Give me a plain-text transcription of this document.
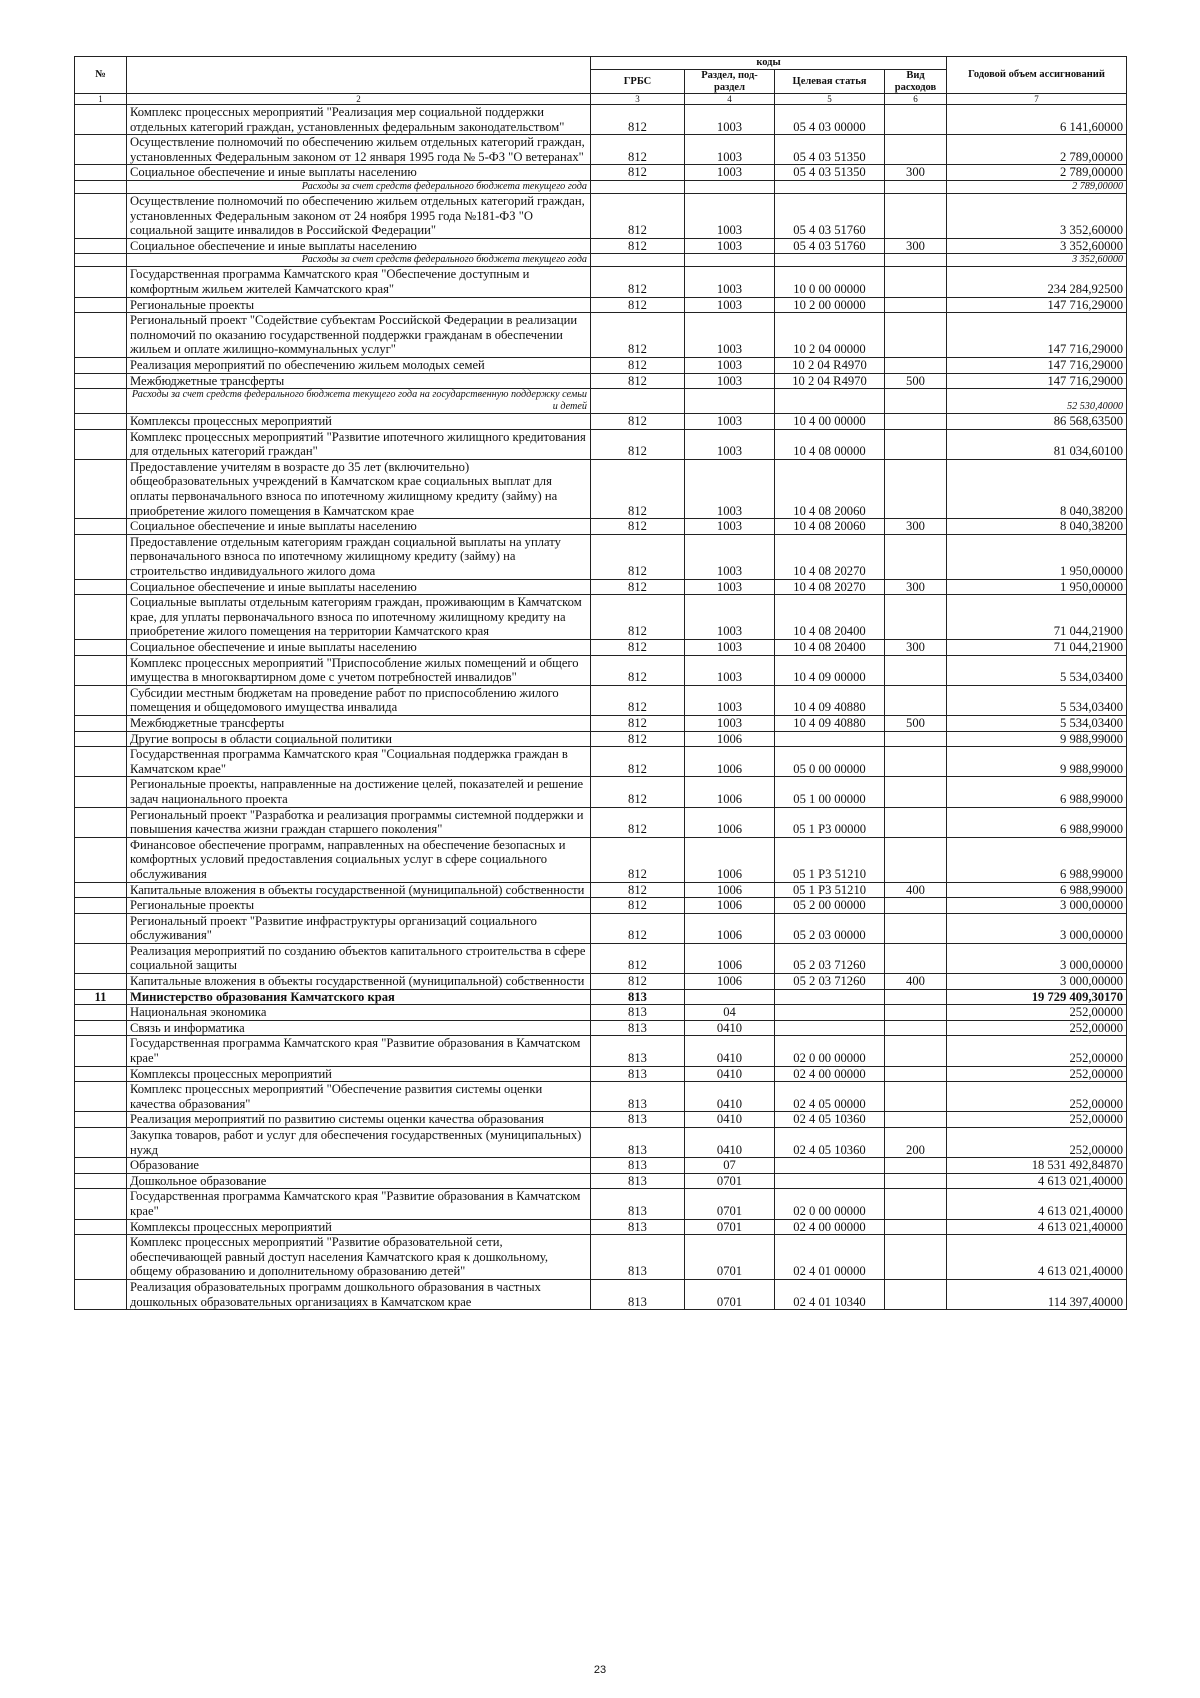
№		коды				Годовой объем ассигнований
		ГРБС	Раздел, под-раздел	Целевая статья	Вид расходов	
1	2	3	4	5	6	7
	Комплекс процессных мероприятий "Реализация мер социальной поддержки отдельных категорий граждан, установленных федеральным законодательством"	812	1003	05 4 03 00000		6 141,60000
	Осуществление полномочий по обеспечению жильем отдельных категорий граждан, установленных Федеральным законом от 12 января 1995 года № 5-ФЗ "О ветеранах"	812	1003	05 4 03 51350		2 789,00000
	Социальное обеспечение и иные выплаты населению	812	1003	05 4 03 51350	300	2 789,00000
	Расходы за счет средств федерального бюджета текущего года					2 789,00000
	Осуществление полномочий по обеспечению жильем отдельных категорий граждан, установленных Федеральным законом от 24 ноября 1995 года №181-ФЗ "О социальной защите инвалидов в Российской Федерации"	812	1003	05 4 03 51760		3 352,60000
	Социальное обеспечение и иные выплаты населению	812	1003	05 4 03 51760	300	3 352,60000
	Расходы за счет средств федерального бюджета текущего года					3 352,60000
	Государственная программа Камчатского края "Обеспечение доступным и комфортным жильем жителей Камчатского края"	812	1003	10 0 00 00000		234 284,92500
	Региональные проекты	812	1003	10 2 00 00000		147 716,29000
	Региональный проект "Содействие субъектам Российской Федерации в реализации полномочий по оказанию государственной поддержки гражданам в обеспечении жильем и оплате жилищно-коммунальных услуг"	812	1003	10 2 04 00000		147 716,29000
	Реализация мероприятий по обеспечению жильем молодых семей	812	1003	10 2 04 R4970		147 716,29000
	Межбюджетные трансферты	812	1003	10 2 04 R4970	500	147 716,29000
	Расходы за счет средств федерального бюджета текущего года на государственную поддержку семьи и детей					52 530,40000
	Комплексы процессных мероприятий	812	1003	10 4 00 00000		86 568,63500
	Комплекс процессных мероприятий "Развитие ипотечного жилищного кредитования для отдельных категорий граждан"	812	1003	10 4 08 00000		81 034,60100
	Предоставление учителям в возрасте до 35 лет (включительно) общеобразовательных учреждений в Камчатском крае социальных выплат для оплаты первоначального взноса по ипотечному жилищному кредиту (займу) на приобретение жилого помещения в Камчатском крае	812	1003	10 4 08 20060		8 040,38200
	Социальное обеспечение и иные выплаты населению	812	1003	10 4 08 20060	300	8 040,38200
	Предоставление отдельным категориям граждан социальной выплаты на уплату первоначального взноса по ипотечному жилищному кредиту (займу) на строительство индивидуального жилого дома	812	1003	10 4 08 20270		1 950,00000
	Социальное обеспечение и иные выплаты населению	812	1003	10 4 08 20270	300	1 950,00000
	Социальные выплаты отдельным категориям граждан, проживающим в Камчатском крае, для уплаты первоначального взноса по ипотечному жилищному кредиту на приобретение жилого помещения на территории Камчатского края	812	1003	10 4 08 20400		71 044,21900
	Социальное обеспечение и иные выплаты населению	812	1003	10 4 08 20400	300	71 044,21900
	Комплекс процессных мероприятий "Приспособление жилых помещений и общего имущества в многоквартирном доме с учетом потребностей инвалидов"	812	1003	10 4 09 00000		5 534,03400
	Субсидии местным бюджетам на проведение работ по приспособлению жилого помещения и общедомового имущества инвалида	812	1003	10 4 09 40880		5 534,03400
	Межбюджетные трансферты	812	1003	10 4 09 40880	500	5 534,03400
	Другие вопросы в области социальной политики	812	1006			9 988,99000
	Государственная программа Камчатского края "Социальная поддержка граждан в Камчатском крае"	812	1006	05 0 00 00000		9 988,99000
	Региональные проекты, направленные на достижение целей, показателей и решение задач национального проекта	812	1006	05 1 00 00000		6 988,99000
	Региональный проект "Разработка и реализация программы системной поддержки и повышения качества жизни граждан старшего поколения"	812	1006	05 1 P3 00000		6 988,99000
	Финансовое обеспечение программ, направленных на обеспечение безопасных и комфортных условий предоставления социальных услуг в сфере социального обслуживания	812	1006	05 1 P3 51210		6 988,99000
	Капитальные вложения в объекты государственной (муниципальной) собственности	812	1006	05 1 P3 51210	400	6 988,99000
	Региональные проекты	812	1006	05 2 00 00000		3 000,00000
	Региональный проект "Развитие инфраструктуры организаций социального обслуживания"	812	1006	05 2 03 00000		3 000,00000
	Реализация мероприятий по созданию объектов капитального строительства в сфере социальной защиты	812	1006	05 2 03 71260		3 000,00000
	Капитальные вложения в объекты государственной (муниципальной) собственности	812	1006	05 2 03 71260	400	3 000,00000
11	Министерство образования Камчатского края	813				19 729 409,30170
	Национальная экономика	813	04			252,00000
	Связь и информатика	813	0410			252,00000
	Государственная программа Камчатского края "Развитие образования в Камчатском крае"	813	0410	02 0 00 00000		252,00000
	Комплексы процессных мероприятий	813	0410	02 4 00 00000		252,00000
	Комплекс процессных мероприятий "Обеспечение развития системы оценки качества образования"	813	0410	02 4 05 00000		252,00000
	Реализация мероприятий по развитию системы оценки качества образования	813	0410	02 4 05 10360		252,00000
	Закупка товаров, работ и услуг для обеспечения государственных (муниципальных) нужд	813	0410	02 4 05 10360	200	252,00000
	Образование	813	07			18 531 492,84870
	Дошкольное образование	813	0701			4 613 021,40000
	Государственная программа Камчатского края "Развитие образования в Камчатском крае"	813	0701	02 0 00 00000		4 613 021,40000
	Комплексы процессных мероприятий	813	0701	02 4 00 00000		4 613 021,40000
	Комплекс процессных мероприятий "Развитие образовательной сети, обеспечивающей равный доступ населения Камчатского края к дошкольному, общему образованию и дополнительному образованию детей"	813	0701	02 4 01 00000		4 613 021,40000
	Реализация образовательных программ дошкольного образования в частных дошкольных образовательных организациях в Камчатском крае	813	0701	02 4 01 10340		114 397,40000
23
